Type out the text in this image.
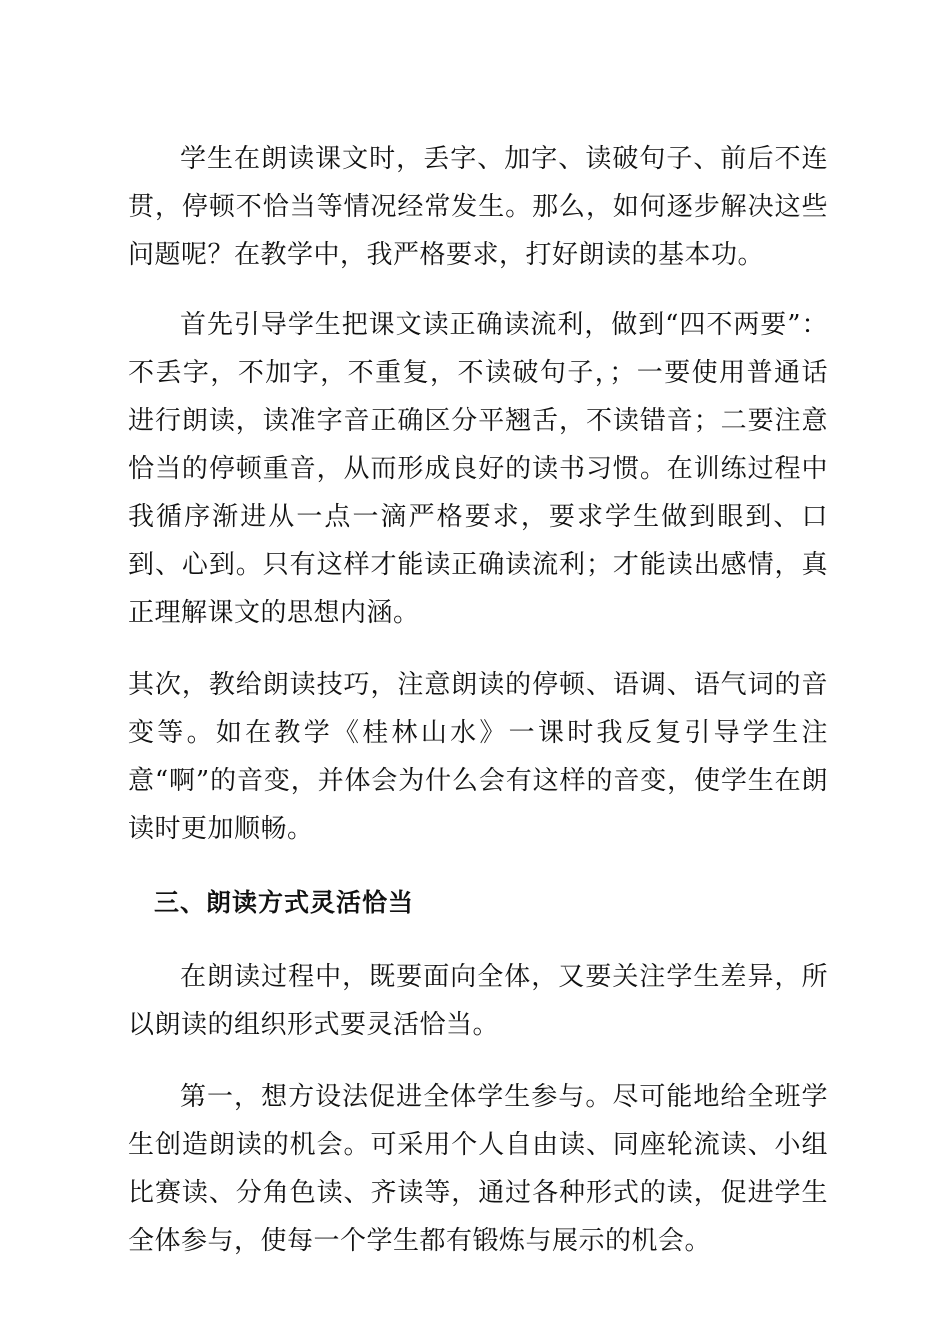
学生在朗读课文时，丢字、加字、读破句子、前后不连贯，停顿不恰当等情况经常发生。那么，如何逐步解决这些问题呢？在教学中，我严格要求，打好朗读的基本功。

首先引导学生把课文读正确读流利，做到“四不两要”：不丢字，不加字，不重复，不读破句子，；一要使用普通话进行朗读，读准字音正确区分平翘舌，不读错音；二要注意恰当的停顿重音，从而形成良好的读书习惯。在训练过程中我循序渐进从一点一滴严格要求，要求学生做到眼到、口到、心到。只有这样才能读正确读流利；才能读出感情，真正理解课文的思想内涵。

其次，教给朗读技巧，注意朗读的停顿、语调、语气词的音变等。如在教学《桂林山水》一课时我反复引导学生注意“啊”的音变，并体会为什么会有这样的音变，使学生在朗读时更加顺畅。

三、朗读方式灵活恰当

在朗读过程中，既要面向全体，又要关注学生差异，所以朗读的组织形式要灵活恰当。

第一，想方设法促进全体学生参与。尽可能地给全班学生创造朗读的机会。可采用个人自由读、同座轮流读、小组比赛读、分角色读、齐读等，通过各种形式的读，促进学生全体参与，使每一个学生都有锻炼与展示的机会。
